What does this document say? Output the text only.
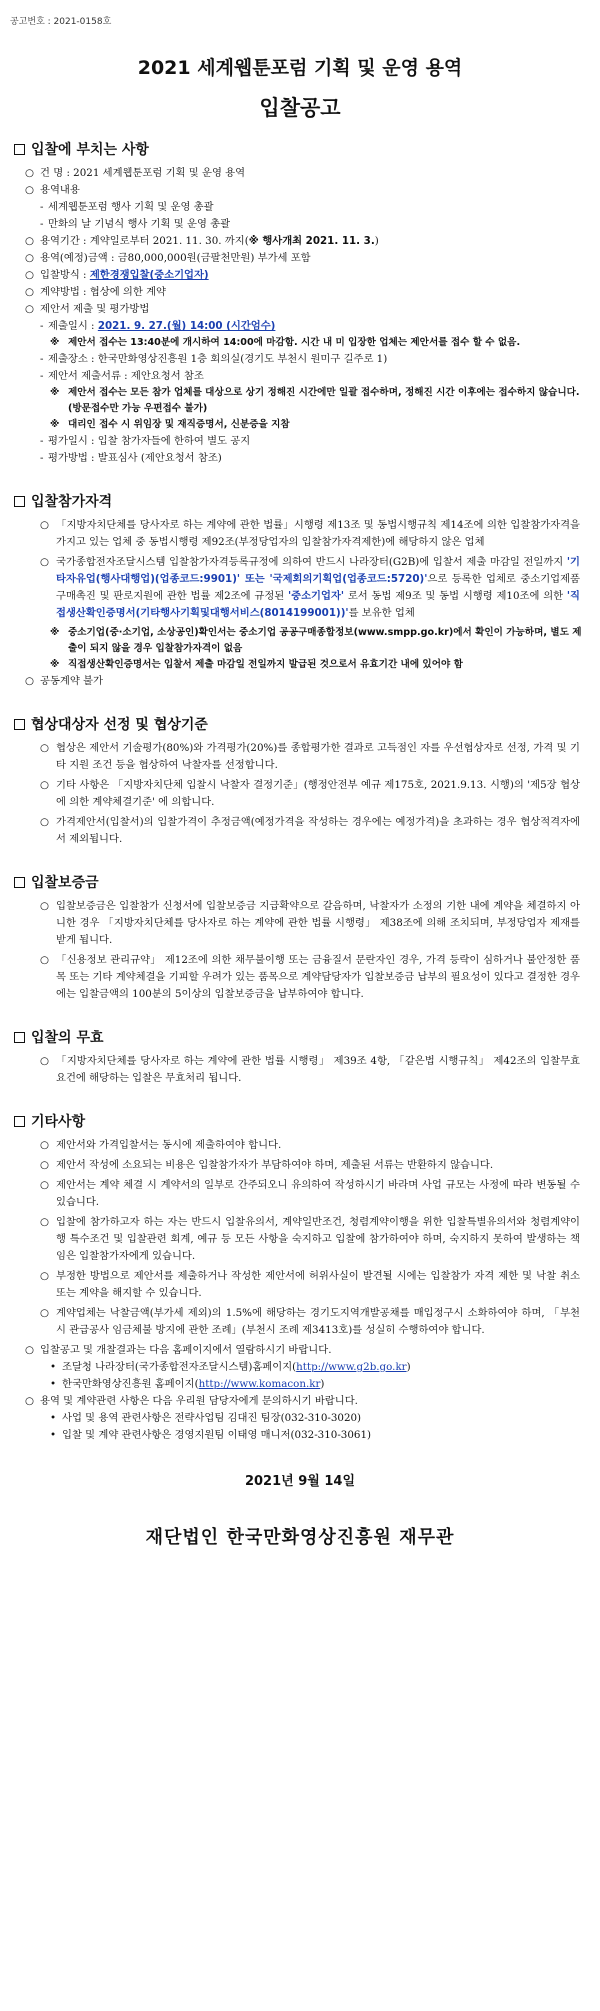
공고번호 : 2021-0158호
2021 세계웹툰포럼 기획 및 운영 용역
입찰공고
입찰에 부치는 사항
○ 건 명 : 2021 세계웹툰포럼 기획 및 운영 용역
○ 용역내용
- 세계웹툰포럼 행사 기획 및 운영 총괄
- 만화의 날 기념식 행사 기획 및 운영 총괄
○ 용역기간 : 계약일로부터 2021. 11. 30. 까지(※ 행사개최 2021. 11. 3.)
○ 용역(예정)금액 : 금80,000,000원(금팔천만원) 부가세 포함
○ 입찰방식 : 제한경쟁입찰(중소기업자)
○ 계약방법 : 협상에 의한 계약
○ 제안서 제출 및 평가방법
- 제출일시 : 2021. 9. 27.(월) 14:00 (시간엄수)
※ 제안서 접수는 13:40분에 개시하여 14:00에 마감함. 시간 내 미 입장한 업체는 제안서를 접수 할 수 없음.
- 제출장소 : 한국만화영상진흥원 1층 회의실(경기도 부천시 원미구 길주로 1)
- 제안서 제출서류 : 제안요청서 참조
※ 제안서 접수는 모든 참가 업체를 대상으로 상기 정해진 시간에만 일괄 접수하며, 정해진 시간 이후에는 접수하지 않습니다. (방문접수만 가능 우편접수 불가)
※ 대리인 접수 시 위임장 및 재직증명서, 신분증을 지참
- 평가일시 : 입찰 참가자들에 한하여 별도 공지
- 평가방법 : 발표심사 (제안요청서 참조)
입찰참가자격
○ 「지방자치단체를 당사자로 하는 계약에 관한 법률」시행령 제13조 및 동법시행규칙 제14조에 의한 입찰참가자격을 가지고 있는 업체 중 동법시행령 제92조(부정당업자의 입찰참가자격제한)에 해당하지 않은 업체
○ 국가종합전자조달시스템 입찰참가자격등록규정에 의하여 반드시 나라장터(G2B)에 입찰서 제출 마감일 전일까지 '기타자유업(행사대행업)(업종코드:9901)' 또는 '국제회의기획업(업종코드:5720)'으로 등록한 업체로 중소기업제품 구매촉진 및 판로지원에 관한 법률 제2조에 규정된 '중소기업자' 로서 동법 제9조 및 동법 시행령 제10조에 의한 '직접생산확인증명서(기타행사기획및대행서비스(8014199001))'를 보유한 업체
※ 중소기업(중·소기업, 소상공인)확인서는 중소기업 공공구매종합정보(www.smpp.go.kr)에서 확인이 가능하며, 별도 제출이 되지 않을 경우 입찰참가자격이 없음
※ 직접생산확인증명서는 입찰서 제출 마감일 전일까지 발급된 것으로서 유효기간 내에 있어야 함
○ 공동계약 불가
협상대상자 선정 및 협상기준
○ 협상은 제안서 기술평가(80%)와 가격평가(20%)를 종합평가한 결과로 고득점인 자를 우선협상자로 선정, 가격 및 기타 지원 조건 등을 협상하여 낙찰자를 선정합니다.
○ 기타 사항은 「지방자치단체 입찰시 낙찰자 결정기준」(행정안전부 예규 제175호, 2021.9.13. 시행)의 '제5장 협상에 의한 계약체결기준' 에 의합니다.
○ 가격제안서(입찰서)의 입찰가격이 추정금액(예정가격을 작성하는 경우에는 예정가격)을 초과하는 경우 협상적격자에서 제외됩니다.
입찰보증금
○ 입찰보증금은 입찰참가 신청서에 입찰보증금 지급확약으로 갈음하며, 낙찰자가 소정의 기한 내에 계약을 체결하지 아니한 경우 「지방자치단체를 당사자로 하는 계약에 관한 법률 시행령」 제38조에 의해 조치되며, 부정당업자 제재를 받게 됩니다.
○ 「신용정보 관리규약」 제12조에 의한 채무불이행 또는 금융질서 문란자인 경우, 가격 등락이 심하거나 불안정한 품목 또는 기타 계약체결을 기피할 우려가 있는 품목으로 계약담당자가 입찰보증금 납부의 필요성이 있다고 결정한 경우에는 입찰금액의 100분의 5이상의 입찰보증금을 납부하여야 합니다.
입찰의 무효
○ 「지방자치단체를 당사자로 하는 계약에 관한 법률 시행령」 제39조 4항, 「같은법 시행규칙」 제42조의 입찰무효 요건에 해당하는 입찰은 무효처리 됩니다.
기타사항
○ 제안서와 가격입찰서는 동시에 제출하여야 합니다.
○ 제안서 작성에 소요되는 비용은 입찰참가자가 부담하여야 하며, 제출된 서류는 반환하지 않습니다.
○ 제안서는 계약 체결 시 계약서의 일부로 간주되오니 유의하여 작성하시기 바라며 사업 규모는 사정에 따라 변동될 수 있습니다.
○ 입찰에 참가하고자 하는 자는 반드시 입찰유의서, 계약일반조건, 청렴계약이행을 위한 입찰특별유의서와 청렴계약이행 특수조건 및 입찰관련 회계, 예규 등 모든 사항을 숙지하고 입찰에 참가하여야 하며, 숙지하지 못하여 발생하는 책임은 입찰참가자에게 있습니다.
○ 부정한 방법으로 제안서를 제출하거나 작성한 제안서에 허위사실이 발견될 시에는 입찰참가 자격 제한 및 낙찰 취소 또는 계약을 해지할 수 있습니다.
○ 계약업체는 낙찰금액(부가세 제외)의 1.5%에 해당하는 경기도지역개발공채를 매입정구시 소화하여야 하며, 「부천시 관급공사 임금체불 방지에 관한 조례」(부천시 조례 제3413호)를 성실히 수행하여야 합니다.
○ 입찰공고 및 개찰결과는 다음 홈페이지에서 열람하시기 바랍니다.
• 조달청 나라장터(국가종합전자조달시스템)홈페이지(http://www.g2b.go.kr)
• 한국만화영상진흥원 홈페이지(http://www.komacon.kr)
○ 용역 및 계약관련 사항은 다음 우리원 담당자에게 문의하시기 바랍니다.
• 사업 및 용역 관련사항은 전략사업팀 김대진 팀장(032-310-3020)
• 입찰 및 계약 관련사항은 경영지원팀 이태영 매니저(032-310-3061)
2021년 9월 14일
재단법인 한국만화영상진흥원 재무관
